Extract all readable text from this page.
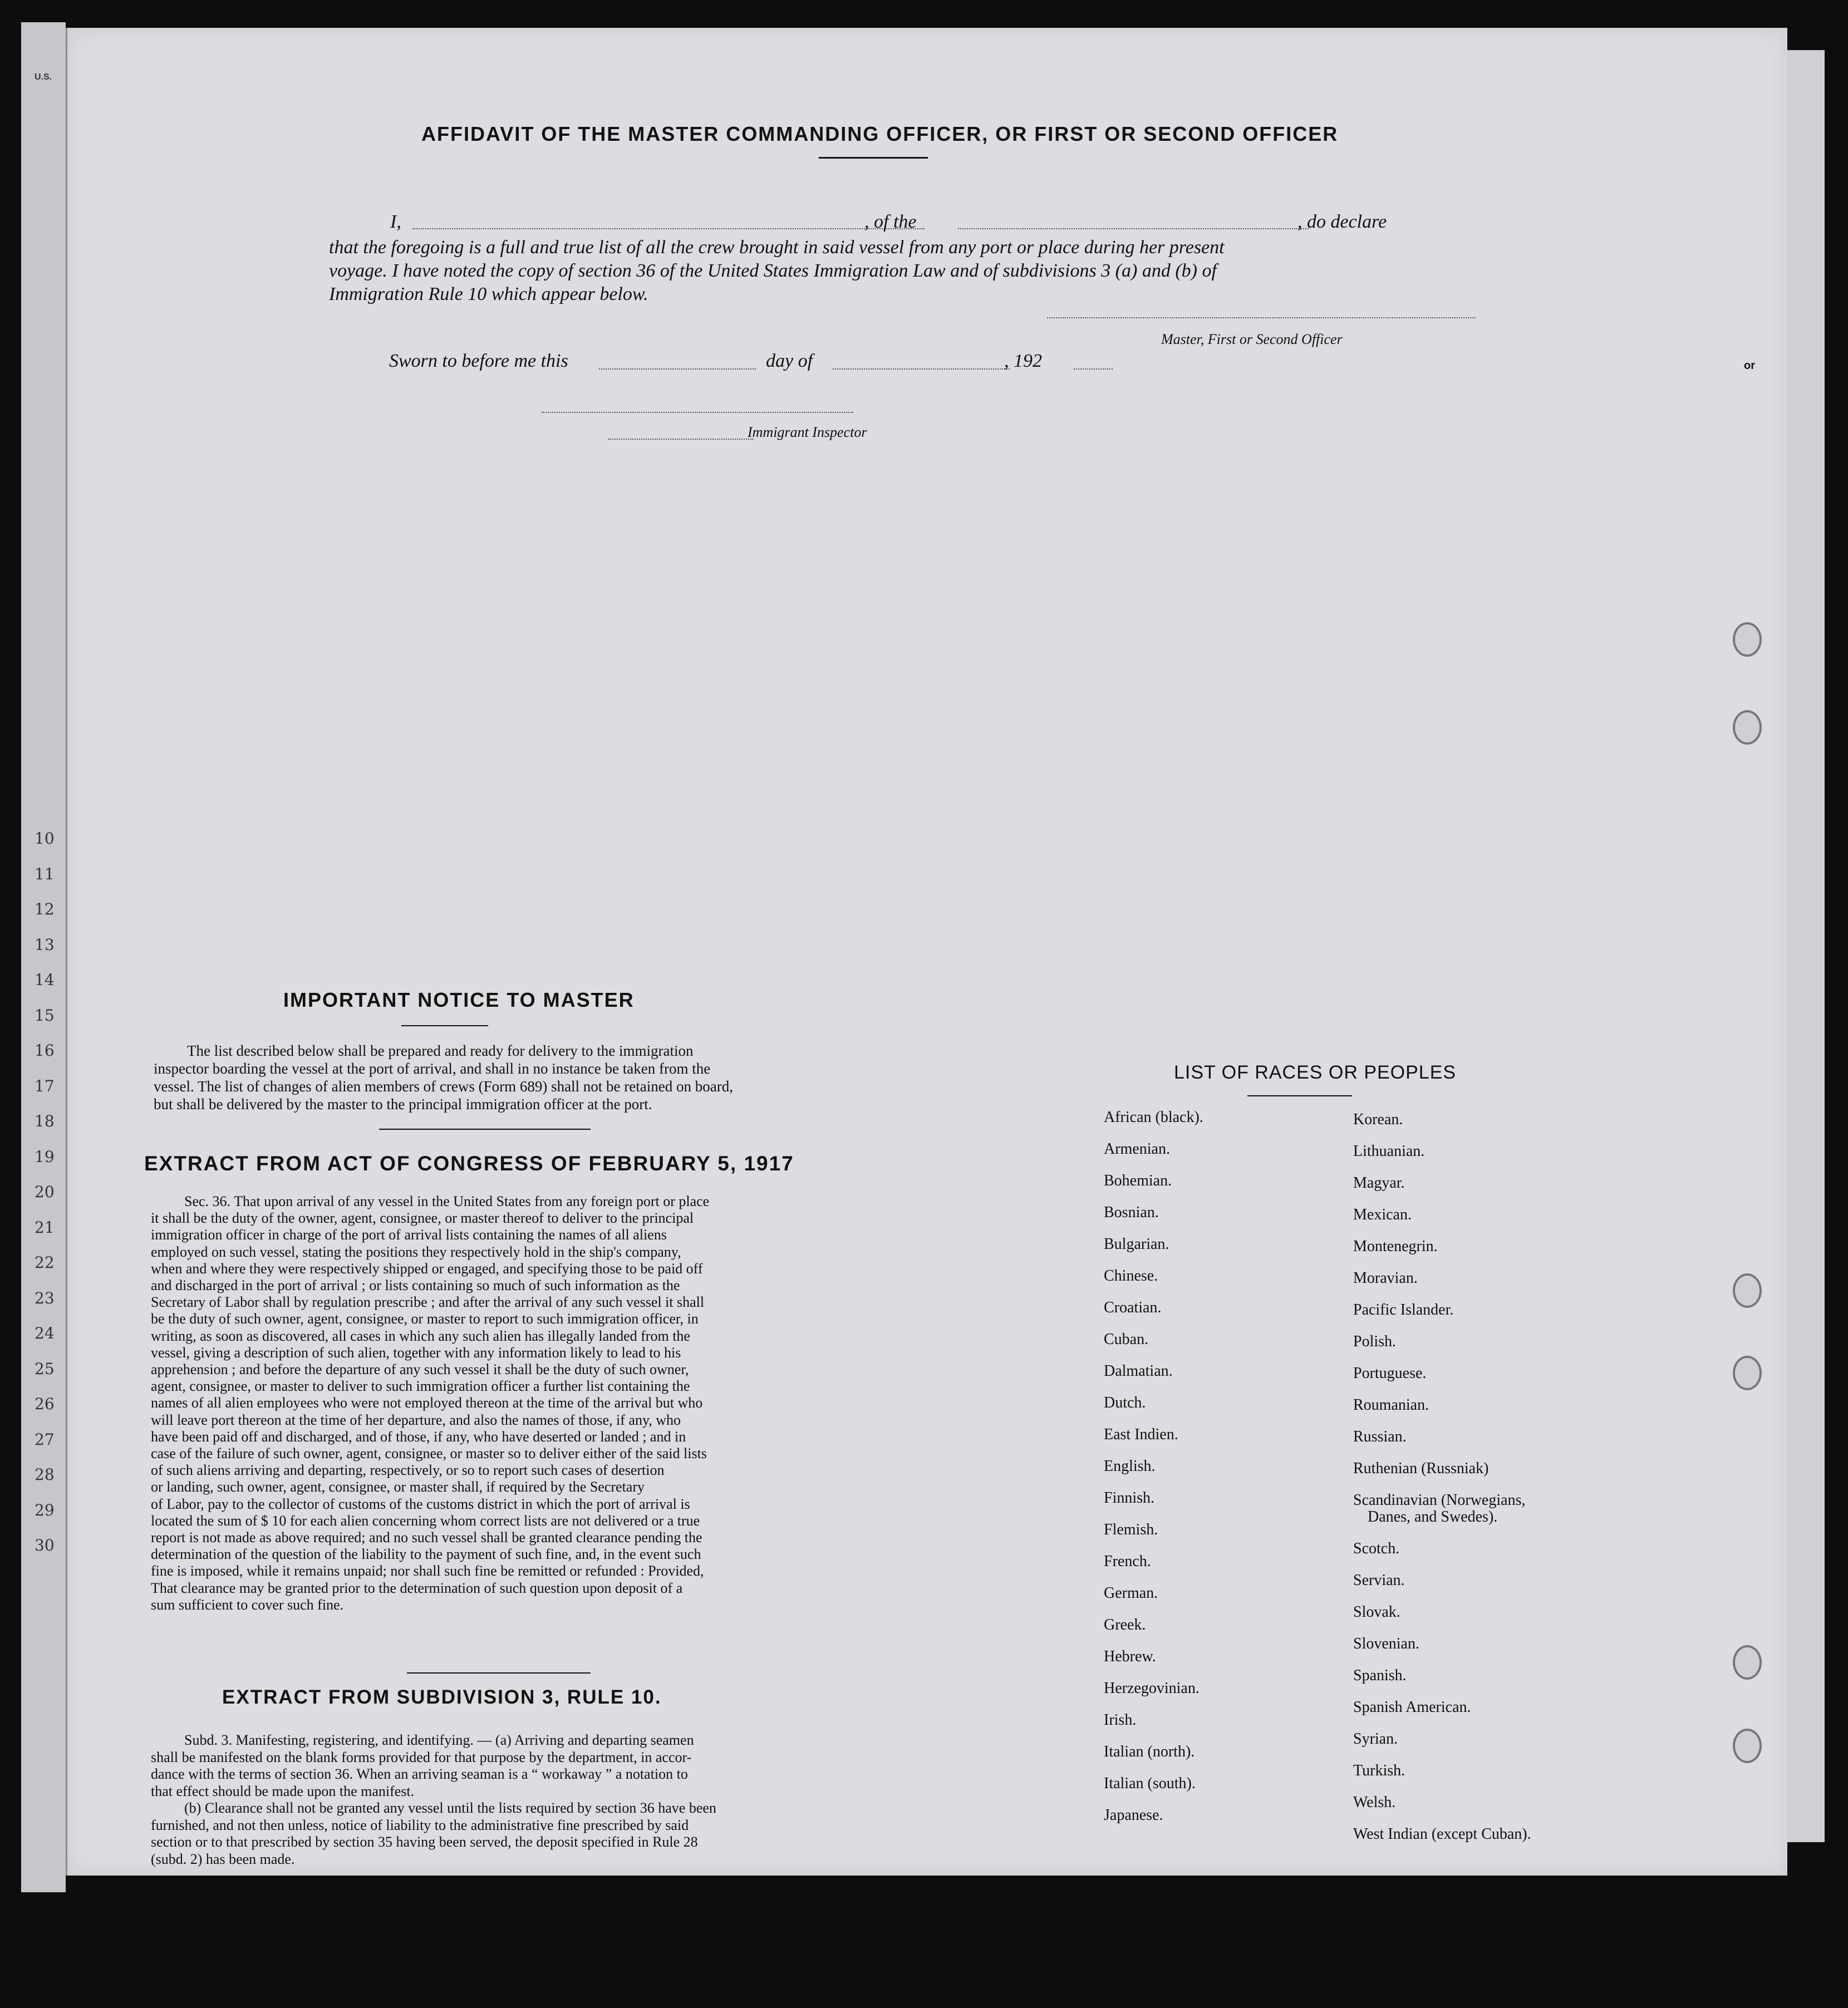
U.S.
10
11
12
13
14
15
16
17
18
19
20
21
22
23
24
25
26
27
28
29
30
AFFIDAVIT OF THE MASTER COMMANDING OFFICER, OR FIRST OR SECOND OFFICER
I,	, of the	, do declare
that the foregoing is a full and true list of all the crew brought in said vessel from any port or place during her present
voyage. I have noted the copy of section 36 of the United States Immigration Law and of subdivisions 3 (a) and (b) of
Immigration Rule 10 which appear below.
Master, First or Second Officer
Sworn to before me this	day of	, 192
Immigrant Inspector
IMPORTANT NOTICE TO MASTER
The list described below shall be prepared and ready for delivery to the immigration
inspector boarding the vessel at the port of arrival, and shall in no instance be taken from the
vessel. The list of changes of alien members of crews (Form 689) shall not be retained on board,
but shall be delivered by the master to the principal immigration officer at the port.
EXTRACT FROM ACT OF CONGRESS OF FEBRUARY 5, 1917
Sec. 36. That upon arrival of any vessel in the United States from any foreign port or place
it shall be the duty of the owner, agent, consignee, or master thereof to deliver to the principal
immigration officer in charge of the port of arrival lists containing the names of all aliens
employed on such vessel, stating the positions they respectively hold in the ship's company,
when and where they were respectively shipped or engaged, and specifying those to be paid off
and discharged in the port of arrival ; or lists containing so much of such information as the
Secretary of Labor shall by regulation prescribe ; and after the arrival of any such vessel it shall
be the duty of such owner, agent, consignee, or master to report to such immigration officer, in
writing, as soon as discovered, all cases in which any such alien has illegally landed from the
vessel, giving a description of such alien, together with any information likely to lead to his
apprehension ; and before the departure of any such vessel it shall be the duty of such owner,
agent, consignee, or master to deliver to such immigration officer a further list containing the
names of all alien employees who were not employed thereon at the time of the arrival but who
will leave port thereon at the time of her departure, and also the names of those, if any, who
have been paid off and discharged, and of those, if any, who have deserted or landed ; and in
case of the failure of such owner, agent, consignee, or master so to deliver either of the said lists
of such aliens arriving and departing, respectively, or so to report such cases of desertion
or landing, such owner, agent, consignee, or master shall, if required by the Secretary
of Labor, pay to the collector of customs of the customs district in which the port of arrival is
located the sum of $ 10 for each alien concerning whom correct lists are not delivered or a true
report is not made as above required; and no such vessel shall be granted clearance pending the
determination of the question of the liability to the payment of such fine, and, in the event such
fine is imposed, while it remains unpaid; nor shall such fine be remitted or refunded : Provided,
That clearance may be granted prior to the determination of such question upon deposit of a
sum sufficient to cover such fine.
EXTRACT FROM SUBDIVISION 3, RULE 10.
Subd. 3. Manifesting, registering, and identifying. — (a) Arriving and departing seamen
shall be manifested on the blank forms provided for that purpose by the department, in accor-
dance with the terms of section 36. When an arriving seaman is a “ workaway ” a notation to
that effect should be made upon the manifest.
(b) Clearance shall not be granted any vessel until the lists required by section 36 have been
furnished, and not then unless, notice of liability to the administrative fine prescribed by said
section or to that prescribed by section 35 having been served, the deposit specified in Rule 28
(subd. 2) has been made.
LIST OF RACES OR PEOPLES
African (black).
Armenian.
Bohemian.
Bosnian.
Bulgarian.
Chinese.
Croatian.
Cuban.
Dalmatian.
Dutch.
East Indien.
English.
Finnish.
Flemish.
French.
German.
Greek.
Hebrew.
Herzegovinian.
Irish.
Italian (north).
Italian (south).
Japanese.
Korean.
Lithuanian.
Magyar.
Mexican.
Montenegrin.
Moravian.
Pacific Islander.
Polish.
Portuguese.
Roumanian.
Russian.
Ruthenian (Russniak)
Scandinavian (Norwegians,
Danes, and Swedes).
Scotch.
Servian.
Slovak.
Slovenian.
Spanish.
Spanish American.
Syrian.
Turkish.
Welsh.
West Indian (except Cuban).
or
